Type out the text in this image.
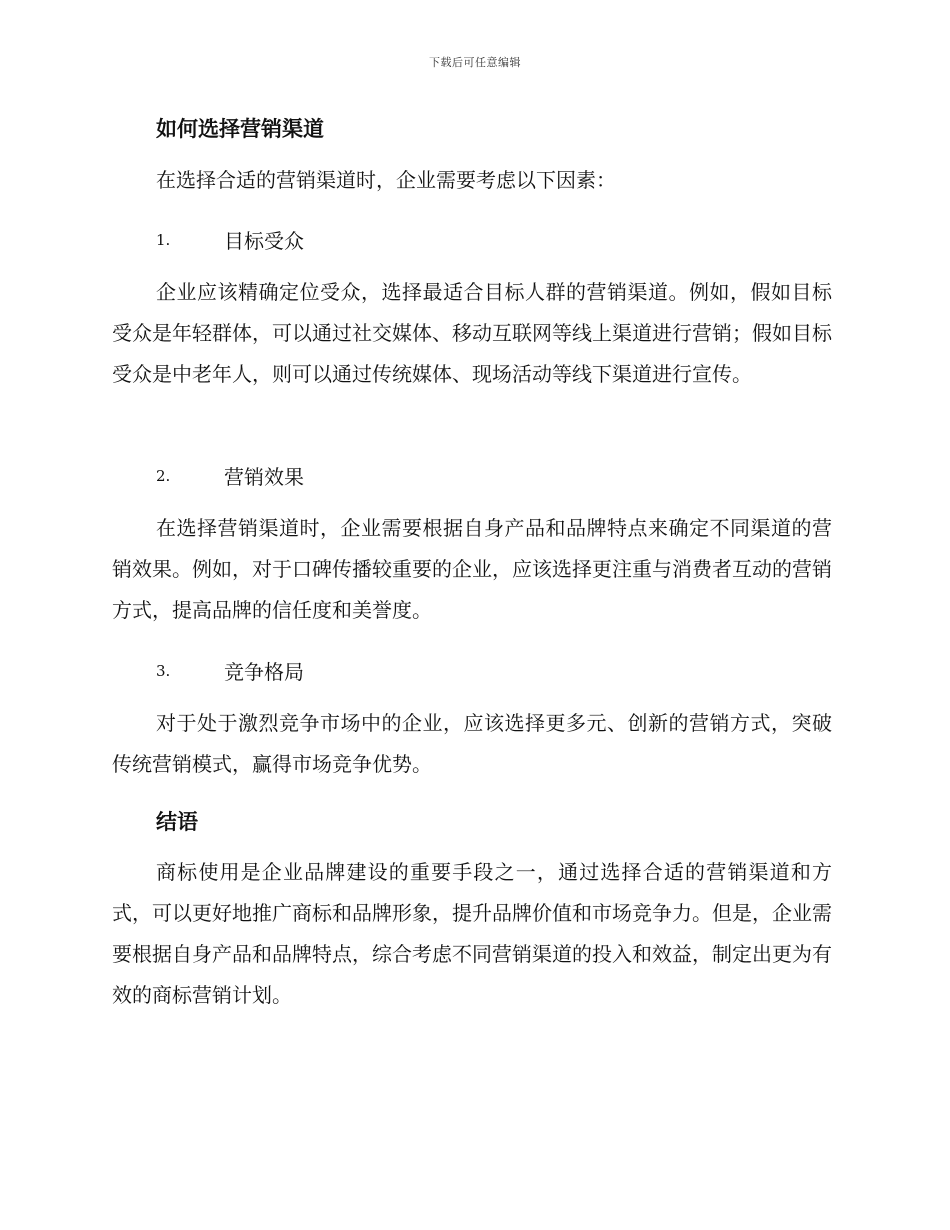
下载后可任意编辑
如何选择营销渠道

在选择合适的营销渠道时，企业需要考虑以下因素：

1.	目标受众

企业应该精确定位受众，选择最适合目标人群的营销渠道。例如，假如目标受众是年轻群体，可以通过社交媒体、移动互联网等线上渠道进行营销；假如目标受众是中老年人，则可以通过传统媒体、现场活动等线下渠道进行宣传。

2.	营销效果

在选择营销渠道时，企业需要根据自身产品和品牌特点来确定不同渠道的营销效果。例如，对于口碑传播较重要的企业，应该选择更注重与消费者互动的营销方式，提高品牌的信任度和美誉度。

3.	竞争格局

对于处于激烈竞争市场中的企业，应该选择更多元、创新的营销方式，突破传统营销模式，赢得市场竞争优势。

结语

商标使用是企业品牌建设的重要手段之一，通过选择合适的营销渠道和方式，可以更好地推广商标和品牌形象，提升品牌价值和市场竞争力。但是，企业需要根据自身产品和品牌特点，综合考虑不同营销渠道的投入和效益，制定出更为有效的商标营销计划。
